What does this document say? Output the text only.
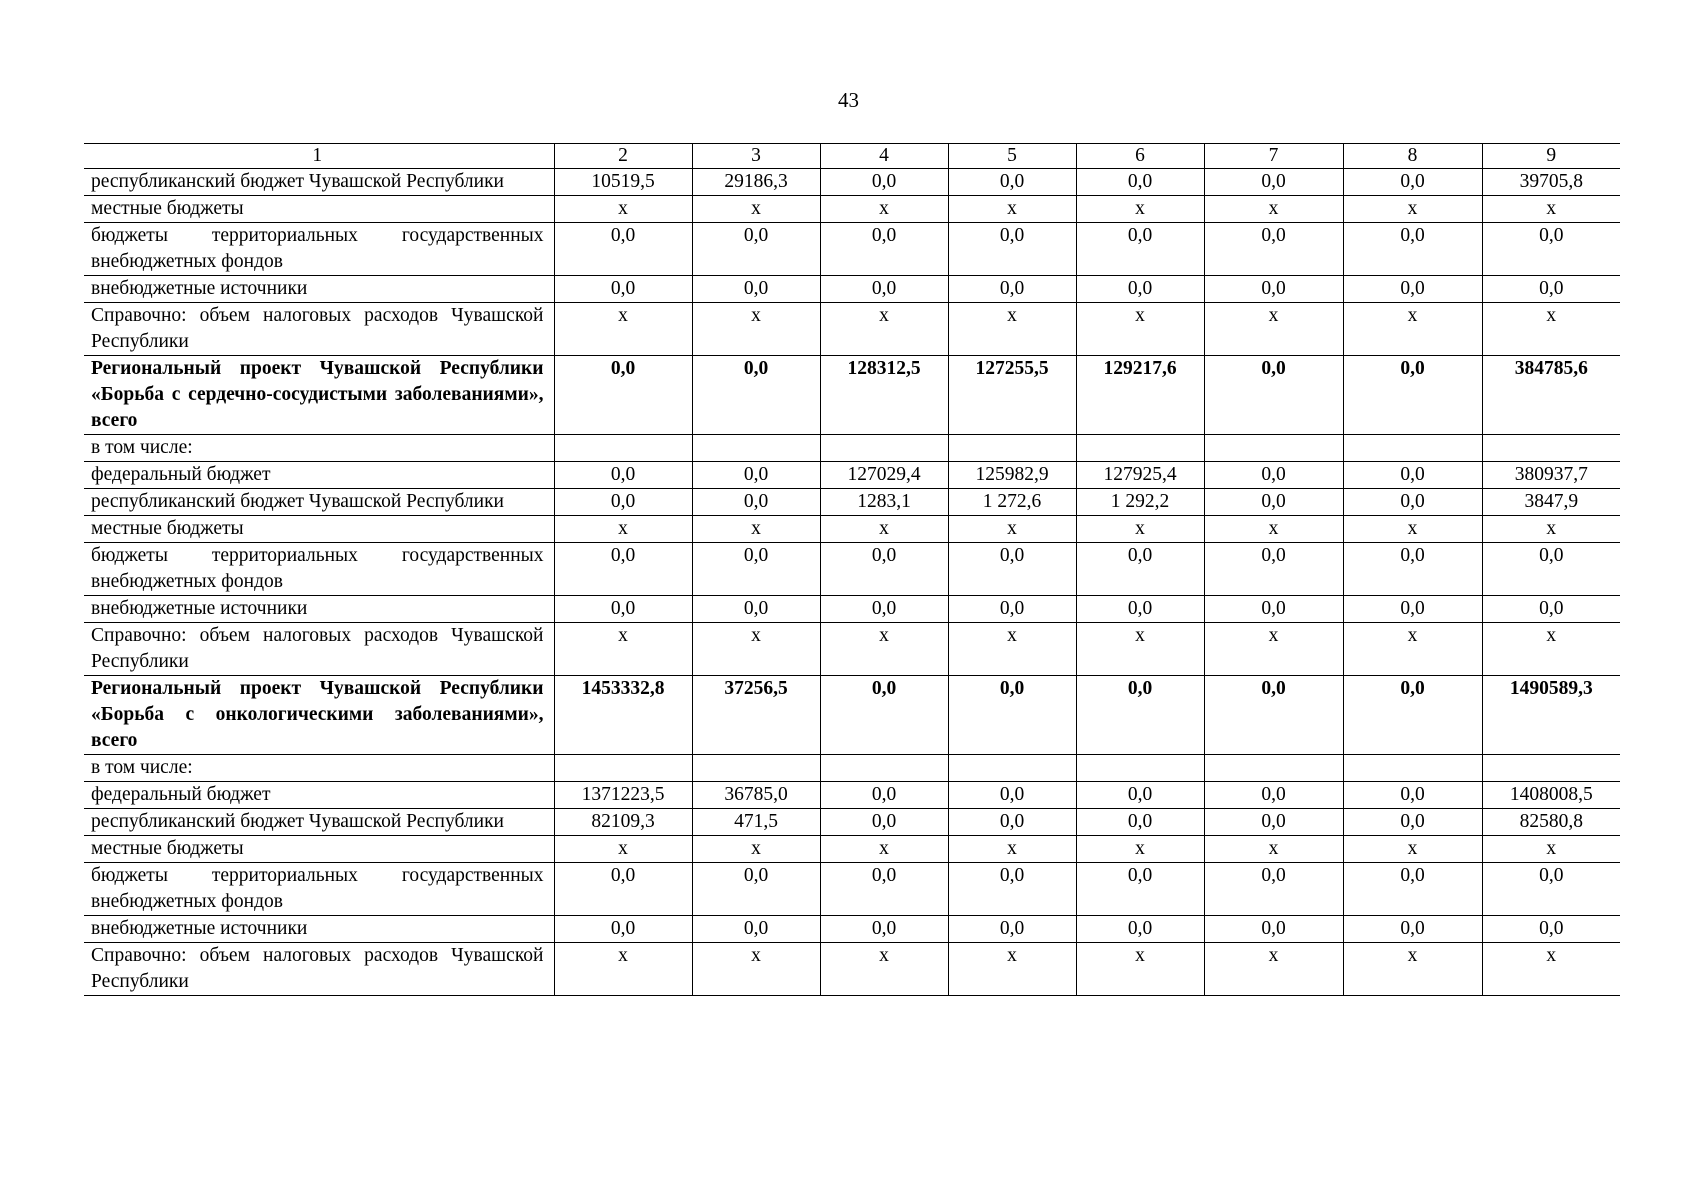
43
1	2	3	4	5	6	7	8	9
республиканский бюджет Чувашской Республики	10519,5	29186,3	0,0	0,0	0,0	0,0	0,0	39705,8
местные бюджеты	x	x	x	x	x	x	x	x
бюджеты территориальных государственных внебюджетных фондов	0,0	0,0	0,0	0,0	0,0	0,0	0,0	0,0
внебюджетные источники	0,0	0,0	0,0	0,0	0,0	0,0	0,0	0,0
Справочно: объем налоговых расходов Чувашской Республики	x	x	x	x	x	x	x	x
Региональный проект Чувашской Республики «Борьба с сердечно-сосудистыми заболеваниями», всего	0,0	0,0	128312,5	127255,5	129217,6	0,0	0,0	384785,6
в том числе:								
федеральный бюджет	0,0	0,0	127029,4	125982,9	127925,4	0,0	0,0	380937,7
республиканский бюджет Чувашской Республики	0,0	0,0	1283,1	1 272,6	1 292,2	0,0	0,0	3847,9
местные бюджеты	x	x	x	x	x	x	x	x
бюджеты территориальных государственных внебюджетных фондов	0,0	0,0	0,0	0,0	0,0	0,0	0,0	0,0
внебюджетные источники	0,0	0,0	0,0	0,0	0,0	0,0	0,0	0,0
Справочно: объем налоговых расходов Чувашской Республики	x	x	x	x	x	x	x	x
Региональный проект Чувашской Республики «Борьба с онкологическими заболеваниями», всего	1453332,8	37256,5	0,0	0,0	0,0	0,0	0,0	1490589,3
в том числе:								
федеральный бюджет	1371223,5	36785,0	0,0	0,0	0,0	0,0	0,0	1408008,5
республиканский бюджет Чувашской Республики	82109,3	471,5	0,0	0,0	0,0	0,0	0,0	82580,8
местные бюджеты	x	x	x	x	x	x	x	x
бюджеты территориальных государственных внебюджетных фондов	0,0	0,0	0,0	0,0	0,0	0,0	0,0	0,0
внебюджетные источники	0,0	0,0	0,0	0,0	0,0	0,0	0,0	0,0
Справочно: объем налоговых расходов Чувашской Республики	x	x	x	x	x	x	x	x
